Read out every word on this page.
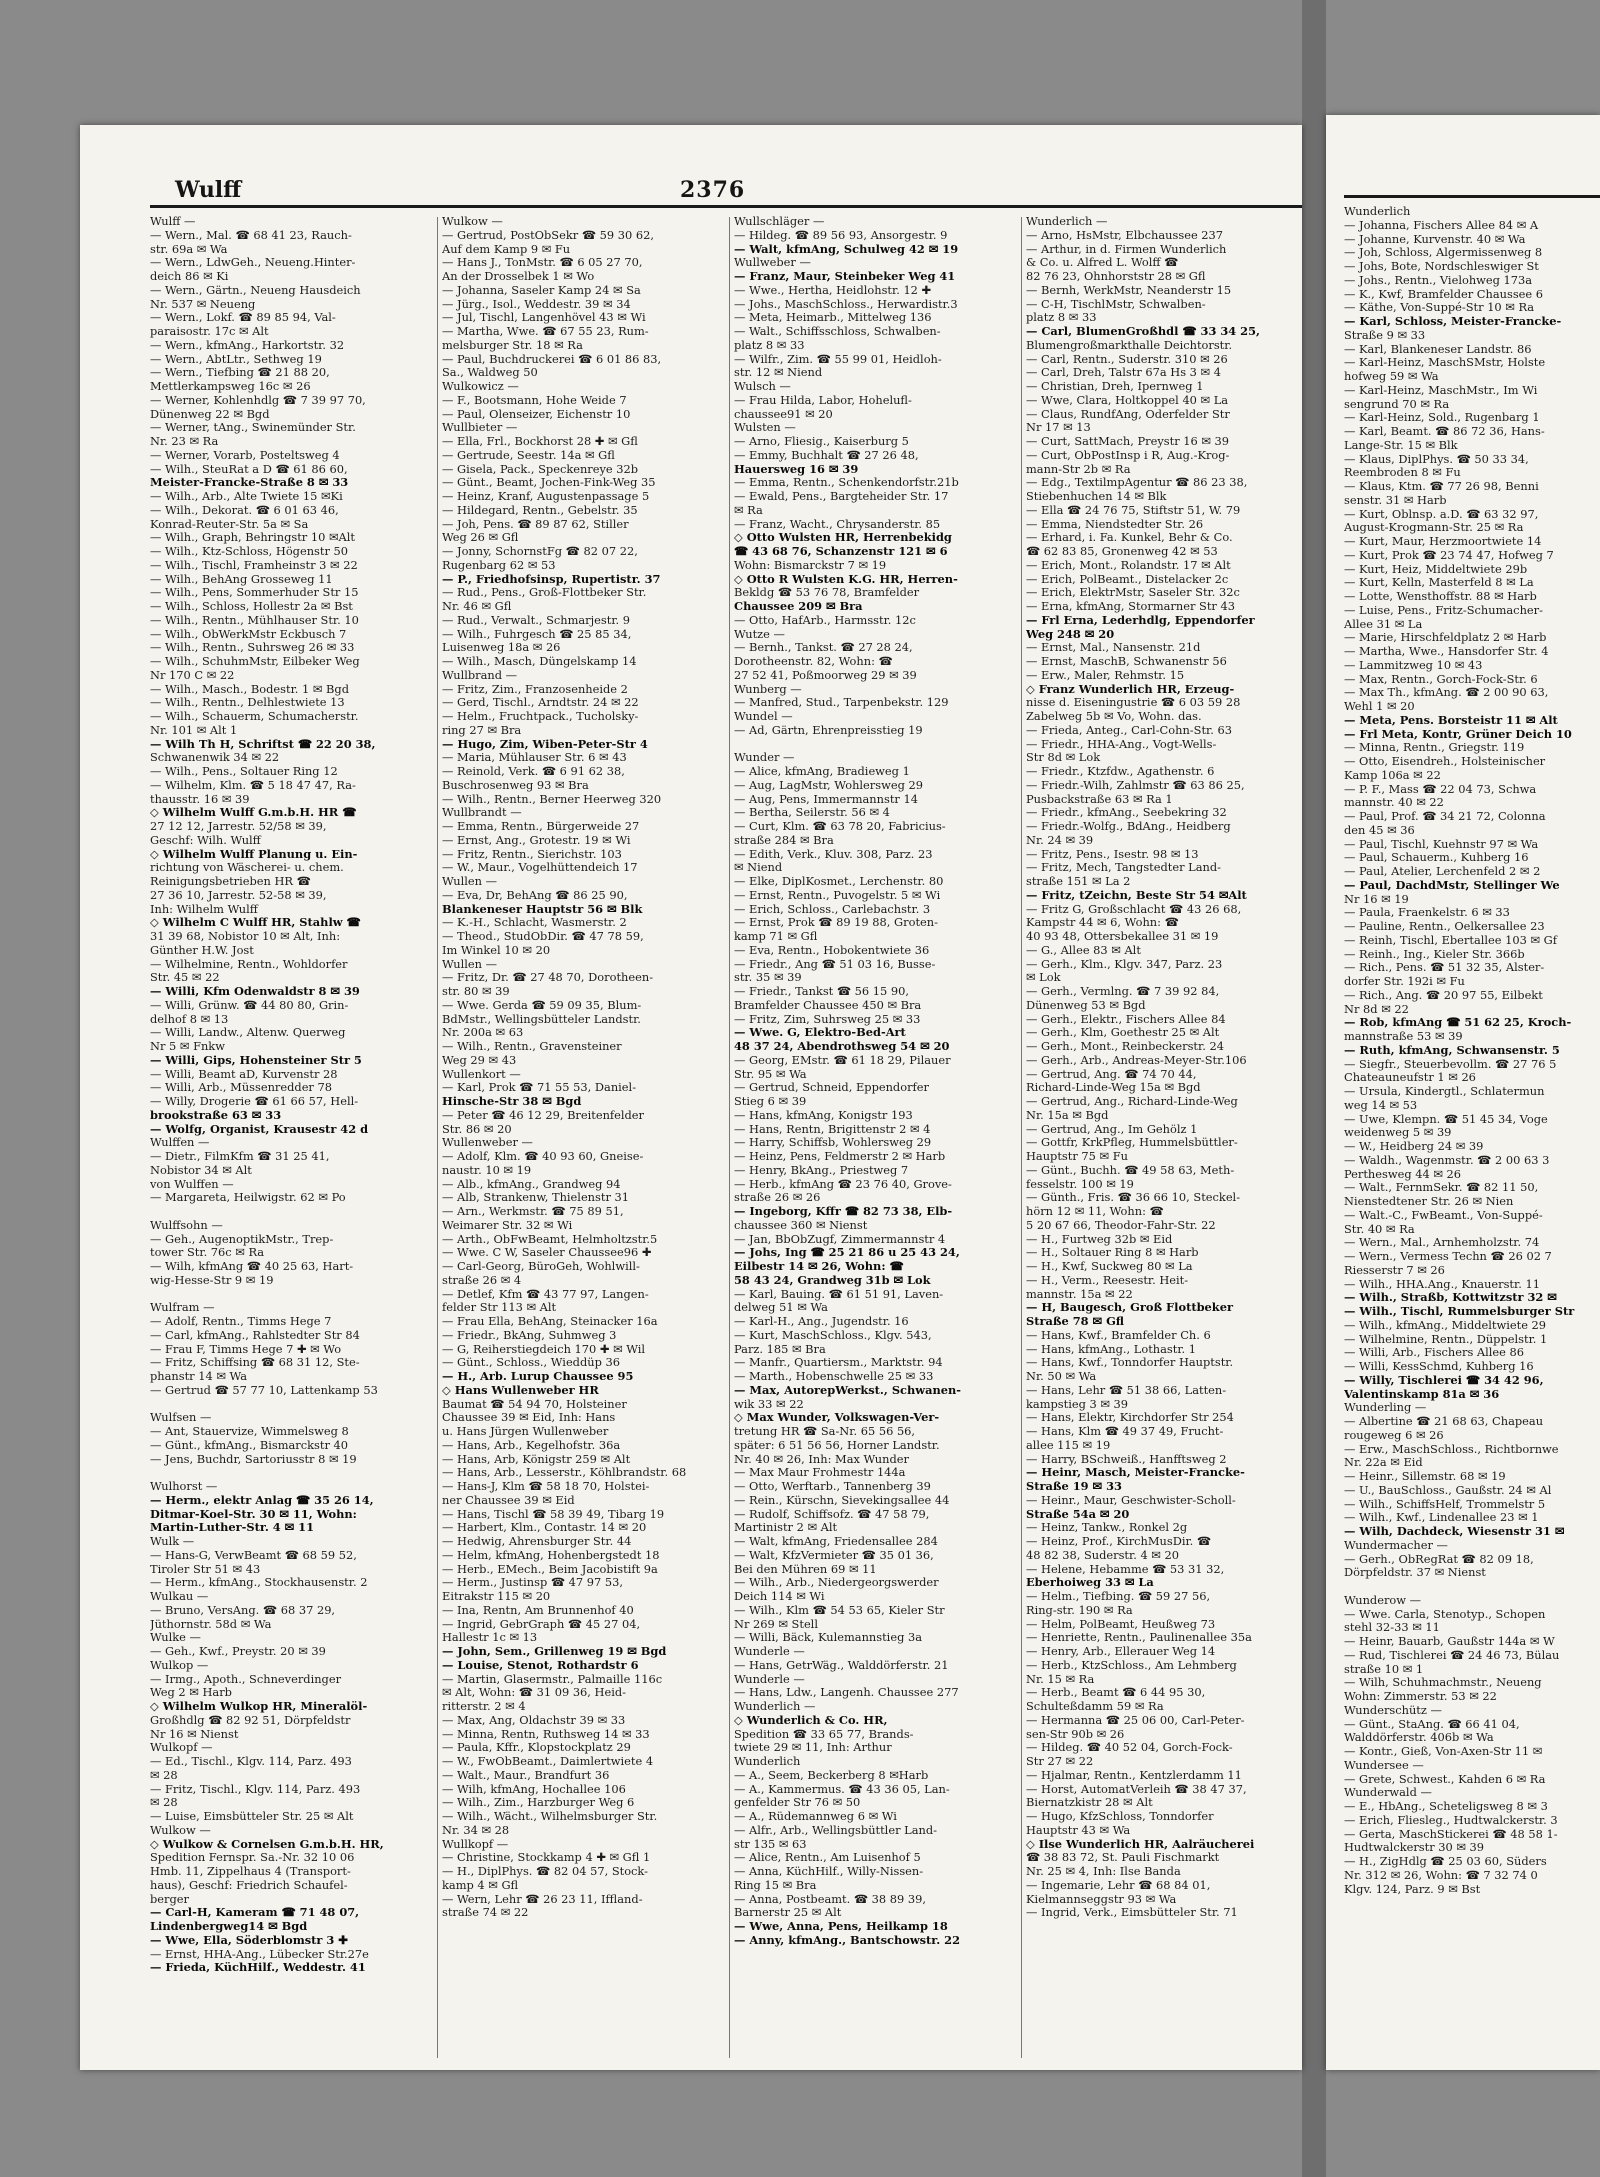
Wulff	2376
Wulff —
— Wern., Mal. ☎ 68 41 23, Rauch-
str. 69a ✉ Wa
— Wern., LdwGeh., Neueng.Hinter-
deich 86 ✉ Ki
— Wern., Gärtn., Neueng Hausdeich
Nr. 537 ✉ Neueng
— Wern., Lokf. ☎ 89 85 94, Val-
paraisostr. 17c ✉ Alt
— Wern., kfmAng., Harkortstr. 32
— Wern., AbtLtr., Sethweg 19
— Wern., Tiefbing ☎ 21 88 20,
Mettlerkampsweg 16c ✉ 26
— Werner, Kohlenhdlg ☎ 7 39 97 70,
Dünenweg 22 ✉ Bgd
— Werner, tAng., Swinemünder Str.
Nr. 23 ✉ Ra
— Werner, Vorarb, Posteltsweg 4
— Wilh., SteuRat a D ☎ 61 86 60,
Meister-Francke-Straße 8 ✉ 33
— Wilh., Arb., Alte Twiete 15 ✉Ki
— Wilh., Dekorat. ☎ 6 01 63 46,
Konrad-Reuter-Str. 5a ✉ Sa
— Wilh., Graph, Behringstr 10 ✉Alt
— Wilh., Ktz-Schloss, Högenstr 50
— Wilh., Tischl, Framheinstr 3 ✉ 22
— Wilh., BehAng Grosseweg 11
— Wilh., Pens, Sommerhuder Str 15
— Wilh., Schloss, Hollestr 2a ✉ Bst
— Wilh., Rentn., Mühlhauser Str. 10
— Wilh., ObWerkMstr Eckbusch 7
— Wilh., Rentn., Suhrsweg 26 ✉ 33
— Wilh., SchuhmMstr, Eilbeker Weg
Nr 170 C ✉ 22
— Wilh., Masch., Bodestr. 1 ✉ Bgd
— Wilh., Rentn., Delhlestwiete 13
— Wilh., Schauerm, Schumacherstr.
Nr. 101 ✉ Alt 1
— Wilh Th H, Schriftst ☎ 22 20 38,
Schwanenwik 34 ✉ 22
— Wilh., Pens., Soltauer Ring 12
— Wilhelm, Klm. ☎ 5 18 47 47, Ra-
thausstr. 16 ✉ 39
◇ Wilhelm Wulff G.m.b.H. HR ☎
27 12 12, Jarrestr. 52/58 ✉ 39,
Geschf: Wilh. Wulff
◇ Wilhelm Wulff Planung u. Ein-
richtung von Wäscherei- u. chem.
Reinigungsbetrieben HR ☎
27 36 10, Jarrestr. 52-58 ✉ 39,
Inh: Wilhelm Wulff
◇ Wilhelm C Wulff HR, Stahlw ☎
31 39 68, Nobistor 10 ✉ Alt, Inh:
Günther H.W. Jost
— Wilhelmine, Rentn., Wohldorfer
Str. 45 ✉ 22
— Willi, Kfm Odenwaldstr 8 ✉ 39
— Willi, Grünw. ☎ 44 80 80, Grin-
delhof 8 ✉ 13
— Willi, Landw., Altenw. Querweg
Nr 5 ✉ Fnkw
— Willi, Gips, Hohensteiner Str 5
— Willi, Beamt aD, Kurvenstr 28
— Willi, Arb., Müssenredder 78
— Willy, Drogerie ☎ 61 66 57, Hell-
brookstraße 63 ✉ 33
— Wolfg, Organist, Krausestr 42 d
Wulffen —
— Dietr., FilmKfm ☎ 31 25 41,
Nobistor 34 ✉ Alt
von Wulffen —
— Margareta, Heilwigstr. 62 ✉ Po

Wulffsohn —
— Geh., AugenoptikMstr., Trep-
tower Str. 76c ✉ Ra
— Wilh, kfmAng ☎ 40 25 63, Hart-
wig-Hesse-Str 9 ✉ 19

Wulfram —
— Adolf, Rentn., Timms Hege 7
— Carl, kfmAng., Rahlstedter Str 84
— Frau F, Timms Hege 7 ✚ ✉ Wo
— Fritz, Schiffsing ☎ 68 31 12, Ste-
phanstr 14 ✉ Wa
— Gertrud ☎ 57 77 10, Lattenkamp 53

Wulfsen —
— Ant, Stauervize, Wimmelsweg 8
— Günt., kfmAng., Bismarckstr 40
— Jens, Buchdr, Sartoriusstr 8 ✉ 19

Wulhorst —
— Herm., elektr Anlag ☎ 35 26 14,
Ditmar-Koel-Str. 30 ✉ 11, Wohn:
Martin-Luther-Str. 4 ✉ 11
Wulk —
— Hans-G, VerwBeamt ☎ 68 59 52,
Tiroler Str 51 ✉ 43
— Herm., kfmAng., Stockhausenstr. 2
Wulkau —
— Bruno, VersAng. ☎ 68 37 29,
Jüthornstr. 58d ✉ Wa
Wulke —
— Geh., Kwf., Preystr. 20 ✉ 39
Wulkop —
— Irmg., Apoth., Schneverdinger
Weg 2 ✉ Harb
◇ Wilhelm Wulkop HR, Mineralöl-
Großhdlg ☎ 82 92 51, Dörpfeldstr
Nr 16 ✉ Nienst
Wulkopf —
— Ed., Tischl., Klgv. 114, Parz. 493
✉ 28
— Fritz, Tischl., Klgv. 114, Parz. 493
✉ 28
— Luise, Eimsbütteler Str. 25 ✉ Alt
Wulkow —
◇ Wulkow & Cornelsen G.m.b.H. HR,
Spedition Fernspr. Sa.-Nr. 32 10 06
Hmb. 11, Zippelhaus 4 (Transport-
haus), Geschf: Friedrich Schaufel-
berger
— Carl-H, Kameram ☎ 71 48 07,
Lindenbergweg14 ✉ Bgd
— Wwe, Ella, Söderblomstr 3 ✚
— Ernst, HHA-Ang., Lübecker Str.27e
— Frieda, KüchHilf., Weddestr. 41
Wulkow —
— Gertrud, PostObSekr ☎ 59 30 62,
Auf dem Kamp 9 ✉ Fu
— Hans J., TonMstr. ☎ 6 05 27 70,
An der Drosselbek 1 ✉ Wo
— Johanna, Saseler Kamp 24 ✉ Sa
— Jürg., Isol., Weddestr. 39 ✉ 34
— Jul, Tischl, Langenhövel 43 ✉ Wi
— Martha, Wwe. ☎ 67 55 23, Rum-
melsburger Str. 18 ✉ Ra
— Paul, Buchdruckerei ☎ 6 01 86 83,
Sa., Waldweg 50
Wulkowicz —
— F., Bootsmann, Hohe Weide 7
— Paul, Olenseizer, Eichenstr 10
Wullbieter —
— Ella, Frl., Bockhorst 28 ✚ ✉ Gfl
— Gertrude, Seestr. 14a ✉ Gfl
— Gisela, Pack., Speckenreye 32b
— Günt., Beamt, Jochen-Fink-Weg 35
— Heinz, Kranf, Augustenpassage 5
— Hildegard, Rentn., Gebelstr. 35
— Joh, Pens. ☎ 89 87 62, Stiller
Weg 26 ✉ Gfl
— Jonny, SchornstFg ☎ 82 07 22,
Rugenbarg 62 ✉ 53
— P., Friedhofsinsp, Rupertistr. 37
— Rud., Pens., Groß-Flottbeker Str.
Nr. 46 ✉ Gfl
— Rud., Verwalt., Schmarjestr. 9
— Wilh., Fuhrgesch ☎ 25 85 34,
Luisenweg 18a ✉ 26
— Wilh., Masch, Düngelskamp 14
Wullbrand —
— Fritz, Zim., Franzosenheide 2
— Gerd, Tischl., Arndtstr. 24 ✉ 22
— Helm., Fruchtpack., Tucholsky-
ring 27 ✉ Bra
— Hugo, Zim, Wiben-Peter-Str 4
— Maria, Mühlauser Str. 6 ✉ 43
— Reinold, Verk. ☎ 6 91 62 38,
Buschrosenweg 93 ✉ Bra
— Wilh., Rentn., Berner Heerweg 320
Wullbrandt —
— Emma, Rentn., Bürgerweide 27
— Ernst, Ang., Grotestr. 19 ✉ Wi
— Fritz, Rentn., Sierichstr. 103
— W., Maur., Vogelhüttendeich 17
Wullen —
— Eva, Dr, BehAng ☎ 86 25 90,
Blankeneser Hauptstr 56 ✉ Blk
— K.-H., Schlacht, Wasmerstr. 2
— Theod., StudObDir. ☎ 47 78 59,
Im Winkel 10 ✉ 20
Wullen —
— Fritz, Dr. ☎ 27 48 70, Dorotheen-
str. 80 ✉ 39
— Wwe. Gerda ☎ 59 09 35, Blum-
BdMstr., Wellingsbütteler Landstr.
Nr. 200a ✉ 63
— Wilh., Rentn., Gravensteiner
Weg 29 ✉ 43
Wullenkort —
— Karl, Prok ☎ 71 55 53, Daniel-
Hinsche-Str 38 ✉ Bgd
— Peter ☎ 46 12 29, Breitenfelder
Str. 86 ✉ 20
Wullenweber —
— Adolf, Klm. ☎ 40 93 60, Gneise-
naustr. 10 ✉ 19
— Alb., kfmAng., Grandweg 94
— Alb, Strankenw, Thielenstr 31
— Arn., Werkmstr. ☎ 75 89 51,
Weimarer Str. 32 ✉ Wi
— Arth., ObFwBeamt, Helmholtzstr.5
— Wwe. C W, Saseler Chaussee96 ✚
— Carl-Georg, BüroGeh, Wohlwill-
straße 26 ✉ 4
— Detlef, Kfm ☎ 43 77 97, Langen-
felder Str 113 ✉ Alt
— Frau Ella, BehAng, Steinacker 16a
— Friedr., BkAng, Suhmweg 3
— G, Reiherstiegdeich 170 ✚ ✉ Wil
— Günt., Schloss., Wieddüp 36
— H., Arb. Lurup Chaussee 95
◇ Hans Wullenweber HR
Baumat ☎ 54 94 70, Holsteiner
Chaussee 39 ✉ Eid, Inh: Hans
u. Hans Jürgen Wullenweber
— Hans, Arb., Kegelhofstr. 36a
— Hans, Arb, Königstr 259 ✉ Alt
— Hans, Arb., Lesserstr., Köhlbrandstr. 68
— Hans-J, Klm ☎ 58 18 70, Holstei-
ner Chaussee 39 ✉ Eid
— Hans, Tischl ☎ 58 39 49, Tibarg 19
— Harbert, Klm., Contastr. 14 ✉ 20
— Hedwig, Ahrensburger Str. 44
— Helm, kfmAng, Hohenbergstedt 18
— Herb., EMech., Beim Jacobistift 9a
— Herm., Justinsp ☎ 47 97 53,
Eitrakstr 115 ✉ 20
— Ina, Rentn, Am Brunnenhof 40
— Ingrid, GebrGraph ☎ 45 27 04,
Hallestr 1c ✉ 13
— John, Sem., Grillenweg 19 ✉ Bgd
— Louise, Stenot, Rothardstr 6
— Martin, Glasermstr., Palmaille 116c
✉ Alt, Wohn: ☎ 31 09 36, Heid-
ritterstr. 2 ✉ 4
— Max, Ang, Oldachstr 39 ✉ 33
— Minna, Rentn, Ruthsweg 14 ✉ 33
— Paula, Kffr., Klopstockplatz 29
— W., FwObBeamt., Daimlertwiete 4
— Walt., Maur., Brandfurt 36
— Wilh, kfmAng, Hochallee 106
— Wilh., Zim., Harzburger Weg 6
— Wilh., Wächt., Wilhelmsburger Str.
Nr. 34 ✉ 28
Wullkopf —
— Christine, Stockkamp 4 ✚ ✉ Gfl 1
— H., DiplPhys. ☎ 82 04 57, Stock-
kamp 4 ✉ Gfl
— Wern, Lehr ☎ 26 23 11, Iffland-
straße 74 ✉ 22
Wullschläger —
— Hildeg. ☎ 89 56 93, Ansorgestr. 9
— Walt, kfmAng, Schulweg 42 ✉ 19
Wullweber —
— Franz, Maur, Steinbeker Weg 41
— Wwe., Hertha, Heidlohstr. 12 ✚
— Johs., MaschSchloss., Herwardistr.3
— Meta, Heimarb., Mittelweg 136
— Walt., Schiffsschloss, Schwalben-
platz 8 ✉ 33
— Wilfr., Zim. ☎ 55 99 01, Heidloh-
str. 12 ✉ Niend
Wulsch —
— Frau Hilda, Labor, Hohelufl-
chaussee91 ✉ 20
Wulsten —
— Arno, Fliesig., Kaiserburg 5
— Emmy, Buchhalt ☎ 27 26 48,
Hauersweg 16 ✉ 39
— Emma, Rentn., Schenkendorfstr.21b
— Ewald, Pens., Bargteheider Str. 17
✉ Ra
— Franz, Wacht., Chrysanderstr. 85
◇ Otto Wulsten HR, Herrenbekidg
☎ 43 68 76, Schanzenstr 121 ✉ 6
Wohn: Bismarckstr 7 ✉ 19
◇ Otto R Wulsten K.G. HR, Herren-
Bekldg ☎ 53 76 78, Bramfelder
Chaussee 209 ✉ Bra
— Otto, HafArb., Harmsstr. 12c
Wutze —
— Bernh., Tankst. ☎ 27 28 24,
Dorotheenstr. 82, Wohn: ☎
27 52 41, Poßmoorweg 29 ✉ 39
Wunberg —
— Manfred, Stud., Tarpenbekstr. 129
Wundel —
— Ad, Gärtn, Ehrenpreisstieg 19

Wunder —
— Alice, kfmAng, Bradieweg 1
— Aug, LagMstr, Wohlersweg 29
— Aug, Pens, Immermannstr 14
— Bertha, Seilerstr. 56 ✉ 4
— Curt, Klm. ☎ 63 78 20, Fabricius-
straße 284 ✉ Bra
— Edith, Verk., Kluv. 308, Parz. 23
✉ Niend
— Elke, DiplKosmet., Lerchenstr. 80
— Ernst, Rentn., Puvogelstr. 5 ✉ Wi
— Erich, Schloss., Carlebachstr. 3
— Ernst, Prok ☎ 89 19 88, Groten-
kamp 71 ✉ Gfl
— Eva, Rentn., Hobokentwiete 36
— Friedr., Ang ☎ 51 03 16, Busse-
str. 35 ✉ 39
— Friedr., Tankst ☎ 56 15 90,
Bramfelder Chaussee 450 ✉ Bra
— Fritz, Zim, Suhrsweg 25 ✉ 33
— Wwe. G, Elektro-Bed-Art
48 37 24, Abendrothsweg 54 ✉ 20
— Georg, EMstr. ☎ 61 18 29, Pilauer
Str. 95 ✉ Wa
— Gertrud, Schneid, Eppendorfer
Stieg 6 ✉ 39
— Hans, kfmAng, Konigstr 193
— Hans, Rentn, Brigittenstr 2 ✉ 4
— Harry, Schiffsb, Wohlersweg 29
— Heinz, Pens, Feldmerstr 2 ✉ Harb
— Henry, BkAng., Priestweg 7
— Herb., kfmAng ☎ 23 76 40, Grove-
straße 26 ✉ 26
— Ingeborg, Kffr ☎ 82 73 38, Elb-
chaussee 360 ✉ Nienst
— Jan, BbObZugf, Zimmermannstr 4
— Johs, Ing ☎ 25 21 86 u 25 43 24,
Eilbestr 14 ✉ 26, Wohn: ☎
58 43 24, Grandweg 31b ✉ Lok
— Karl, Bauing. ☎ 61 51 91, Laven-
delweg 51 ✉ Wa
— Karl-H., Ang., Jugendstr. 16
— Kurt, MaschSchloss., Klgv. 543,
Parz. 185 ✉ Bra
— Manfr., Quartiersm., Marktstr. 94
— Marth., Hobenschwelle 25 ✉ 33
— Max, AutorepWerkst., Schwanen-
wik 33 ✉ 22
◇ Max Wunder, Volkswagen-Ver-
tretung HR ☎ Sa-Nr. 65 56 56,
später: 6 51 56 56, Horner Landstr.
Nr. 40 ✉ 26, Inh: Max Wunder
— Max Maur Frohmestr 144a
— Otto, Werftarb., Tannenberg 39
— Rein., Kürschn, Sievekingsallee 44
— Rudolf, Schiffsofz. ☎ 47 58 79,
Martinistr 2 ✉ Alt
— Walt, kfmAng, Friedensallee 284
— Walt, KfzVermieter ☎ 35 01 36,
Bei den Mühren 69 ✉ 11
— Wilh., Arb., Niedergeorgswerder
Deich 114 ✉ Wi
— Wilh., Klm ☎ 54 53 65, Kieler Str
Nr 269 ✉ Stell
— Willi, Bäck, Kulemannstieg 3a
Wunderle —
— Hans, GetrWäg., Walddörferstr. 21
Wunderle —
— Hans, Ldw., Langenh. Chaussee 277
Wunderlich —
◇ Wunderlich & Co. HR,
Spedition ☎ 33 65 77, Brands-
twiete 29 ✉ 11, Inh: Arthur
Wunderlich
— A., Seem, Beckerberg 8 ✉Harb
— A., Kammermus. ☎ 43 36 05, Lan-
genfelder Str 76 ✉ 50
— A., Rüdemannweg 6 ✉ Wi
— Alfr., Arb., Wellingsbüttler Land-
str 135 ✉ 63
— Alice, Rentn., Am Luisenhof 5
— Anna, KüchHilf., Willy-Nissen-
Ring 15 ✉ Bra
— Anna, Postbeamt. ☎ 38 89 39,
Barnerstr 25 ✉ Alt
— Wwe, Anna, Pens, Heilkamp 18
— Anny, kfmAng., Bantschowstr. 22
Wunderlich —
— Arno, HsMstr, Elbchaussee 237
— Arthur, in d. Firmen Wunderlich
& Co. u. Alfred L. Wolff ☎
82 76 23, Ohnhorststr 28 ✉ Gfl
— Bernh, WerkMstr, Neanderstr 15
— C-H, TischlMstr, Schwalben-
platz 8 ✉ 33
— Carl, BlumenGroßhdl ☎ 33 34 25,
Blumengroßmarkthalle Deichtorstr.
— Carl, Rentn., Suderstr. 310 ✉ 26
— Carl, Dreh, Talstr 67a Hs 3 ✉ 4
— Christian, Dreh, Ipernweg 1
— Wwe, Clara, Holtkoppel 40 ✉ La
— Claus, RundfAng, Oderfelder Str
Nr 17 ✉ 13
— Curt, SattMach, Preystr 16 ✉ 39
— Curt, ObPostInsp i R, Aug.-Krog-
mann-Str 2b ✉ Ra
— Edg., TextilmpAgentur ☎ 86 23 38,
Stiebenhuchen 14 ✉ Blk
— Ella ☎ 24 76 75, Stiftstr 51, W. 79
— Emma, Niendstedter Str. 26
— Erhard, i. Fa. Kunkel, Behr & Co.
☎ 62 83 85, Gronenweg 42 ✉ 53
— Erich, Mont., Rolandstr. 17 ✉ Alt
— Erich, PolBeamt., Distelacker 2c
— Erich, ElektrMstr, Saseler Str. 32c
— Erna, kfmAng, Stormarner Str 43
— Frl Erna, Lederhdlg, Eppendorfer
Weg 248 ✉ 20
— Ernst, Mal., Nansenstr. 21d
— Ernst, MaschB, Schwanenstr 56
— Erw., Maler, Rehmstr. 15
◇ Franz Wunderlich HR, Erzeug-
nisse d. Eiseningustrie ☎ 6 03 59 28
Zabelweg 5b ✉ Vo, Wohn. das.
— Frieda, Anteg., Carl-Cohn-Str. 63
— Friedr., HHA-Ang., Vogt-Wells-
Str 8d ✉ Lok
— Friedr., Ktzfdw., Agathenstr. 6
— Friedr.-Wilh, Zahlmstr ☎ 63 86 25,
Pusbackstraße 63 ✉ Ra 1
— Friedr., kfmAng., Seebekring 32
— Friedr.-Wolfg., BdAng., Heidberg
Nr. 24 ✉ 39
— Fritz, Pens., Isestr. 98 ✉ 13
— Fritz, Mech, Tangstedter Land-
straße 151 ✉ La 2
— Fritz, tZeichn, Beste Str 54 ✉Alt
— Fritz G, Großschlacht ☎ 43 26 68,
Kampstr 44 ✉ 6, Wohn: ☎
40 93 48, Ottersbekallee 31 ✉ 19
— G., Allee 83 ✉ Alt
— Gerh., Klm., Klgv. 347, Parz. 23
✉ Lok
— Gerh., Vermlng. ☎ 7 39 92 84,
Dünenweg 53 ✉ Bgd
— Gerh., Elektr., Fischers Allee 84
— Gerh., Klm, Goethestr 25 ✉ Alt
— Gerh., Mont., Reinbeckerstr. 24
— Gerh., Arb., Andreas-Meyer-Str.106
— Gertrud, Ang. ☎ 74 70 44,
Richard-Linde-Weg 15a ✉ Bgd
— Gertrud, Ang., Richard-Linde-Weg
Nr. 15a ✉ Bgd
— Gertrud, Ang., Im Gehölz 1
— Gottfr, KrkPfleg, Hummelsbüttler-
Hauptstr 75 ✉ Fu
— Günt., Buchh. ☎ 49 58 63, Meth-
fesselstr. 100 ✉ 19
— Günth., Fris. ☎ 36 66 10, Steckel-
hörn 12 ✉ 11, Wohn: ☎
5 20 67 66, Theodor-Fahr-Str. 22
— H., Furtweg 32b ✉ Eid
— H., Soltauer Ring 8 ✉ Harb
— H., Kwf, Suckweg 80 ✉ La
— H., Verm., Reesestr. Heit-
mannstr. 15a ✉ 22
— H, Baugesch, Groß Flottbeker
Straße 78 ✉ Gfl
— Hans, Kwf., Bramfelder Ch. 6
— Hans, kfmAng., Lothastr. 1
— Hans, Kwf., Tonndorfer Hauptstr.
Nr. 50 ✉ Wa
— Hans, Lehr ☎ 51 38 66, Latten-
kampstieg 3 ✉ 39
— Hans, Elektr, Kirchdorfer Str 254
— Hans, Klm ☎ 49 37 49, Frucht-
allee 115 ✉ 19
— Harry, BSchweiß., Hanfftsweg 2
— Heinr, Masch, Meister-Francke-
Straße 19 ✉ 33
— Heinr., Maur, Geschwister-Scholl-
Straße 54a ✉ 20
— Heinz, Tankw., Ronkel 2g
— Heinz, Prof., KirchMusDir. ☎
48 82 38, Suderstr. 4 ✉ 20
— Helene, Hebamme ☎ 53 31 32,
Eberhoiweg 33 ✉ La
— Helm., Tiefbing. ☎ 59 27 56,
Ring-str. 190 ✉ Ra
— Helm, PolBeamt, Heußweg 73
— Henriette, Rentn., Paulinenallee 35a
— Henry, Arb., Ellerauer Weg 14
— Herb., KtzSchloss., Am Lehmberg
Nr. 15 ✉ Ra
— Herb., Beamt ☎ 6 44 95 30,
Schulteßdamm 59 ✉ Ra
— Hermanna ☎ 25 06 00, Carl-Peter-
sen-Str 90b ✉ 26
— Hildeg. ☎ 40 52 04, Gorch-Fock-
Str 27 ✉ 22
— Hjalmar, Rentn., Kentzlerdamm 11
— Horst, AutomatVerleih ☎ 38 47 37,
Biernatzkistr 28 ✉ Alt
— Hugo, KfzSchloss, Tonndorfer
Hauptstr 43 ✉ Wa
◇ Ilse Wunderlich HR, Aalräucherei
☎ 38 83 72, St. Pauli Fischmarkt
Nr. 25 ✉ 4, Inh: Ilse Banda
— Ingemarie, Lehr ☎ 68 84 01,
Kielmannseggstr 93 ✉ Wa
— Ingrid, Verk., Eimsbütteler Str. 71
Wunderlich
— Johanna, Fischers Allee 84 ✉ A
— Johanne, Kurvenstr. 40 ✉ Wa
— Joh, Schloss, Algermissenweg 8
— Johs, Bote, Nordschleswiger St
— Johs., Rentn., Vielohweg 173a
— K., Kwf, Bramfelder Chaussee 6
— Käthe, Von-Suppé-Str 10 ✉ Ra
— Karl, Schloss, Meister-Francke-
Straße 9 ✉ 33
— Karl, Blankeneser Landstr. 86
— Karl-Heinz, MaschSMstr, Holste
hofweg 59 ✉ Wa
— Karl-Heinz, MaschMstr., Im Wi
sengrund 70 ✉ Ra
— Karl-Heinz, Sold., Rugenbarg 1
— Karl, Beamt. ☎ 86 72 36, Hans-
Lange-Str. 15 ✉ Blk
— Klaus, DiplPhys. ☎ 50 33 34,
Reembroden 8 ✉ Fu
— Klaus, Ktm. ☎ 77 26 98, Benni
senstr. 31 ✉ Harb
— Kurt, Oblnsp. a.D. ☎ 63 32 97,
August-Krogmann-Str. 25 ✉ Ra
— Kurt, Maur, Herzmoortwiete 14
— Kurt, Prok ☎ 23 74 47, Hofweg 7
— Kurt, Heiz, Middeltwiete 29b
— Kurt, Kelln, Masterfeld 8 ✉ La
— Lotte, Wensthoffstr. 88 ✉ Harb
— Luise, Pens., Fritz-Schumacher-
Allee 31 ✉ La
— Marie, Hirschfeldplatz 2 ✉ Harb
— Martha, Wwe., Hansdorfer Str. 4
— Lammitzweg 10 ✉ 43
— Max, Rentn., Gorch-Fock-Str. 6
— Max Th., kfmAng. ☎ 2 00 90 63,
Wehl 1 ✉ 20
— Meta, Pens. Borsteistr 11 ✉ Alt
— Frl Meta, Kontr, Grüner Deich 10
— Minna, Rentn., Griegstr. 119
— Otto, Eisendreh., Holsteinischer
Kamp 106a ✉ 22
— P. F., Mass ☎ 22 04 73, Schwa
mannstr. 40 ✉ 22
— Paul, Prof. ☎ 34 21 72, Colonna
den 45 ✉ 36
— Paul, Tischl, Kuehnstr 97 ✉ Wa
— Paul, Schauerm., Kuhberg 16
— Paul, Atelier, Lerchenfeld 2 ✉ 2
— Paul, DachdMstr, Stellinger We
Nr 16 ✉ 19
— Paula, Fraenkelstr. 6 ✉ 33
— Pauline, Rentn., Oelkersallee 23
— Reinh, Tischl, Ebertallee 103 ✉ Gf
— Reinh., Ing., Kieler Str. 366b
— Rich., Pens. ☎ 51 32 35, Alster-
dorfer Str. 192i ✉ Fu
— Rich., Ang. ☎ 20 97 55, Eilbekt
Nr 8d ✉ 22
— Rob, kfmAng ☎ 51 62 25, Kroch-
mannstraße 53 ✉ 39
— Ruth, kfmAng, Schwansenstr. 5
— Siegfr., Steuerbevollm. ☎ 27 76 5
Chateauneufstr 1 ✉ 26
— Ursula, Kindergtl., Schlatermun
weg 14 ✉ 53
— Uwe, Klempn. ☎ 51 45 34, Voge
weidenweg 5 ✉ 39
— W., Heidberg 24 ✉ 39
— Waldh., Wagenmstr. ☎ 2 00 63 3
Perthesweg 44 ✉ 26
— Walt., FernmSekr. ☎ 82 11 50,
Nienstedtener Str. 26 ✉ Nien
— Walt.-C., FwBeamt., Von-Suppé-
Str. 40 ✉ Ra
— Wern., Mal., Arnhemholzstr. 74
— Wern., Vermess Techn ☎ 26 02 7
Riesserstr 7 ✉ 26
— Wilh., HHA.Ang., Knauerstr. 11
— Wilh., Straßb, Kottwitzstr 32 ✉
— Wilh., Tischl, Rummelsburger Str
— Wilh., kfmAng., Middeltwiete 29
— Wilhelmine, Rentn., Düppelstr. 1
— Willi, Arb., Fischers Allee 86
— Willi, KessSchmd, Kuhberg 16
— Willy, Tischlerei ☎ 34 42 96,
Valentinskamp 81a ✉ 36
Wunderling —
— Albertine ☎ 21 68 63, Chapeau
rougeweg 6 ✉ 26
— Erw., MaschSchloss., Richtbornwe
Nr. 22a ✉ Eid
— Heinr., Sillemstr. 68 ✉ 19
— U., BauSchloss., Gaußstr. 24 ✉ Al
— Wilh., SchiffsHelf, Trommelstr 5
— Wilh., Kwf., Lindenallee 23 ✉ 1
— Wilh, Dachdeck, Wiesenstr 31 ✉
Wundermacher —
— Gerh., ObRegRat ☎ 82 09 18,
Dörpfeldstr. 37 ✉ Nienst

Wunderow —
— Wwe. Carla, Stenotyp., Schopen
stehl 32-33 ✉ 11
— Heinr, Bauarb, Gaußstr 144a ✉ W
— Rud, Tischlerei ☎ 24 46 73, Bülau
straße 10 ✉ 1
— Wilh, Schuhmachmstr., Neueng
Wohn: Zimmerstr. 53 ✉ 22
Wunderschütz —
— Günt., StaAng. ☎ 66 41 04,
Walddörferstr. 406b ✉ Wa
— Kontr., Gieß, Von-Axen-Str 11 ✉
Wundersee —
— Grete, Schwest., Kahden 6 ✉ Ra
Wunderwald —
— E., HbAng., Scheteligsweg 8 ✉ 3
— Erich, Fliesleg., Hudtwalckerstr. 3
— Gerta, MaschStickerei ☎ 48 58 1-
Hudtwalckerstr 30 ✉ 39
— H., ZigHdlg ☎ 25 03 60, Süders
Nr. 312 ✉ 26, Wohn: ☎ 7 32 74 0
Klgv. 124, Parz. 9 ✉ Bst
